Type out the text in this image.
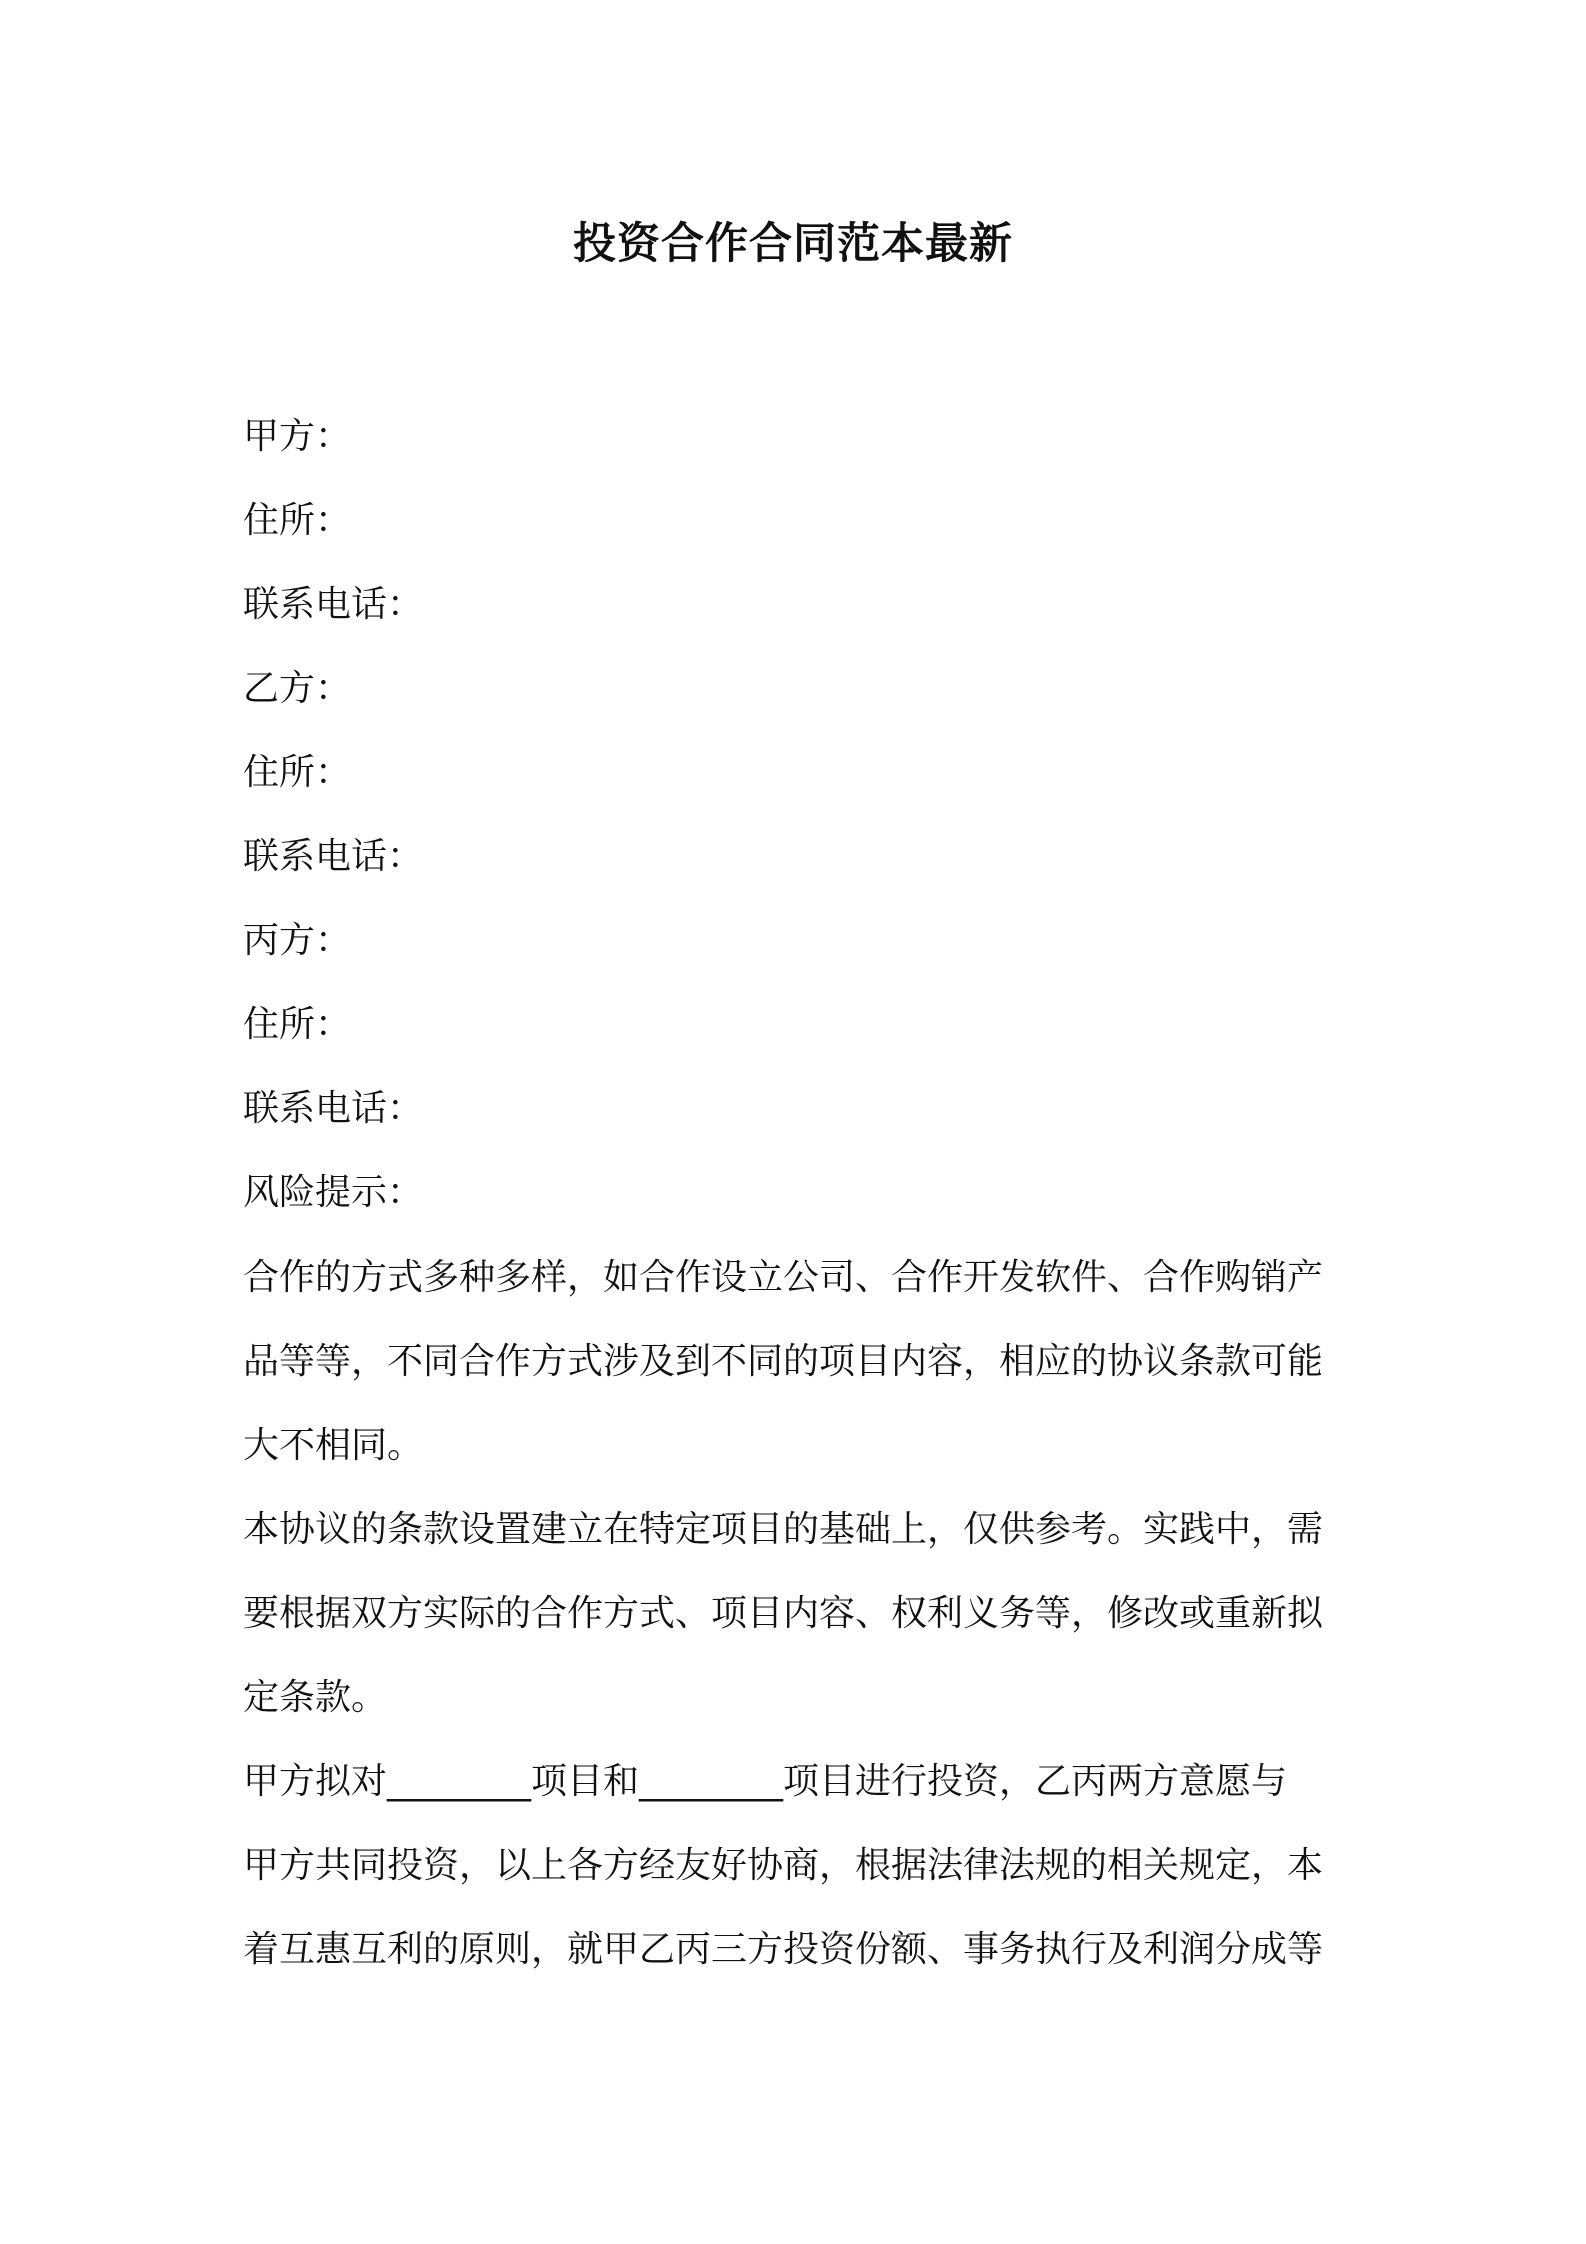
投资合作合同范本最新
甲方：
住所：
联系电话：
乙方：
住所：
联系电话：
丙方：
住所：
联系电话：
风险提示：
合作的方式多种多样，如合作设立公司、合作开发软件、合作购销产
品等等，不同合作方式涉及到不同的项目内容，相应的协议条款可能
大不相同。
本协议的条款设置建立在特定项目的基础上，仅供参考。实践中，需
要根据双方实际的合作方式、项目内容、权利义务等，修改或重新拟
定条款。
甲方拟对________项目和________项目进行投资，乙丙两方意愿与
甲方共同投资，以上各方经友好协商，根据法律法规的相关规定，本
着互惠互利的原则，就甲乙丙三方投资份额、事务执行及利润分成等
